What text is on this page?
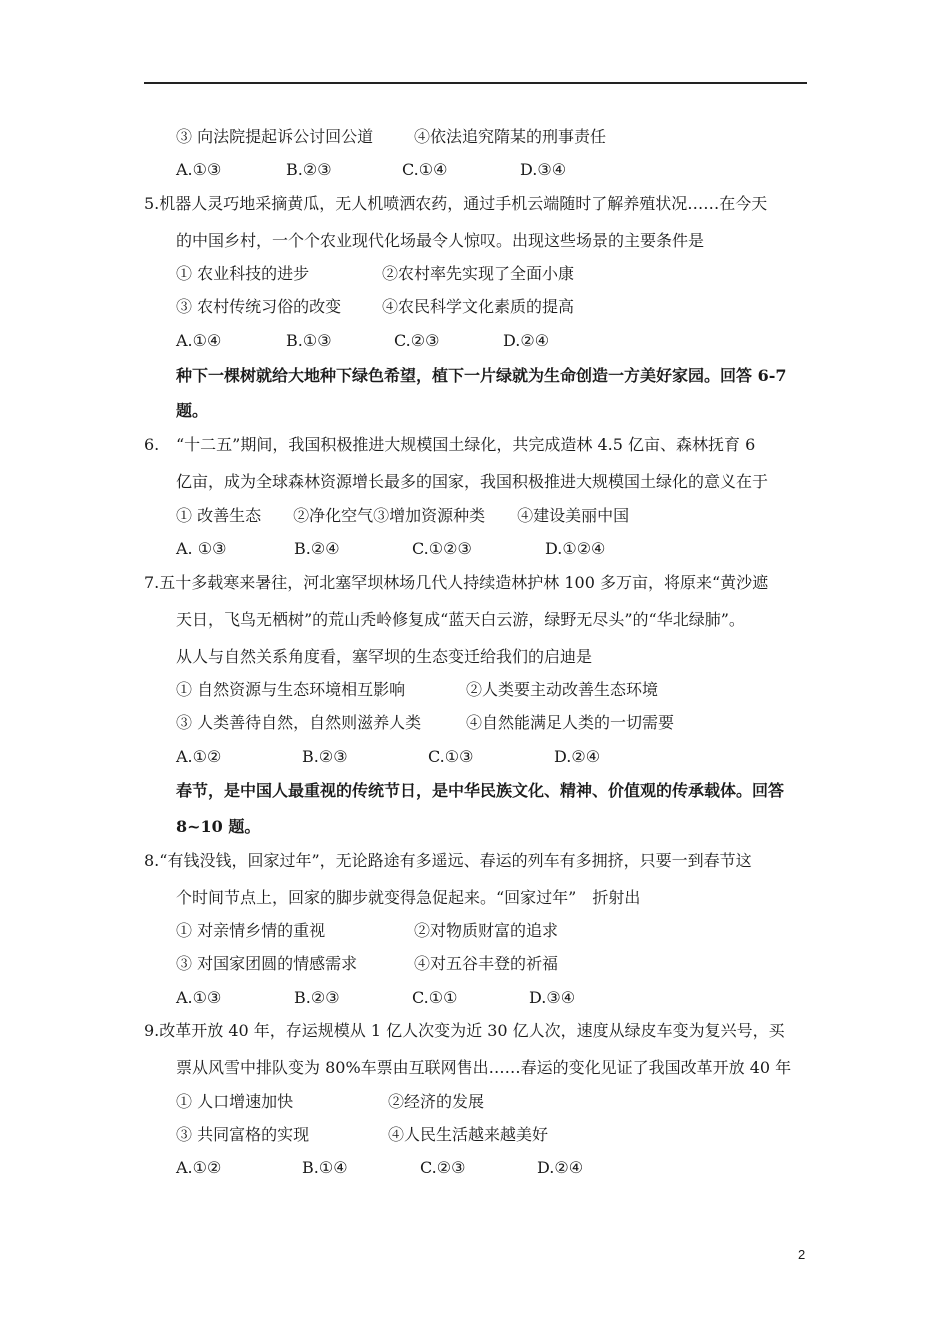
③ 向法院提起诉公讨回公道	④依法追究隋某的刑事责任
A.①③	B.②③	C.①④	D.③④
5.机器人灵巧地采摘黄瓜，无人机喷洒农药，通过手机云端随时了解养殖状况……在今天
的中国乡村，一个个农业现代化场最令人惊叹。出现这些场景的主要条件是
① 农业科技的进步	②农村率先实现了全面小康
③ 农村传统习俗的改变	④农民科学文化素质的提高
A.①④	B.①③	C.②③	D.②④
种下一棵树就给大地种下绿色希望，植下一片绿就为生命创造一方美好家园。回答 6-7
题。
6. “十二五”期间，我国积极推进大规模国土绿化，共完成造林 4.5 亿亩、森林抚育 6
亿亩，成为全球森林资源增长最多的国家，我国积极推进大规模国土绿化的意义在于
① 改善生态　　②净化空气③增加资源种类　　④建设美丽中国
A. ①③	B.②④	C.①②③	D.①②④
7.五十多载寒来暑往，河北塞罕坝林场几代人持续造林护林 100 多万亩，将原来“黄沙遮
天日，飞鸟无栖树”的荒山秃岭修复成“蓝天白云游，绿野无尽头”的“华北绿肺”。
从人与自然关系角度看，塞罕坝的生态变迁给我们的启迪是
① 自然资源与生态环境相互影响	②人类要主动改善生态环境
③ 人类善待自然，自然则滋养人类	④自然能满足人类的一切需要
A.①②	B.②③	C.①③	D.②④
春节，是中国人最重视的传统节日，是中华民族文化、精神、价值观的传承载体。回答
8~10 题。
8.“有钱没钱，回家过年”，无论路途有多遥远、春运的列车有多拥挤，只要一到春节这
个时间节点上，回家的脚步就变得急促起来。“回家过年”　折射出
① 对亲情乡情的重视	②对物质财富的追求
③ 对国家团圆的情感需求	④对五谷丰登的祈福
A.①③	B.②③	C.①①	D.③④
9.改革开放 40 年，存运规模从 1 亿人次变为近 30 亿人次，速度从绿皮车变为复兴号，买
票从风雪中排队变为 80%车票由互联网售出……春运的变化见证了我国改革开放 40 年
① 人口增速加快	②经济的发展
③ 共同富格的实现	④人民生活越来越美好
A.①②	B.①④	C.②③	D.②④
2
